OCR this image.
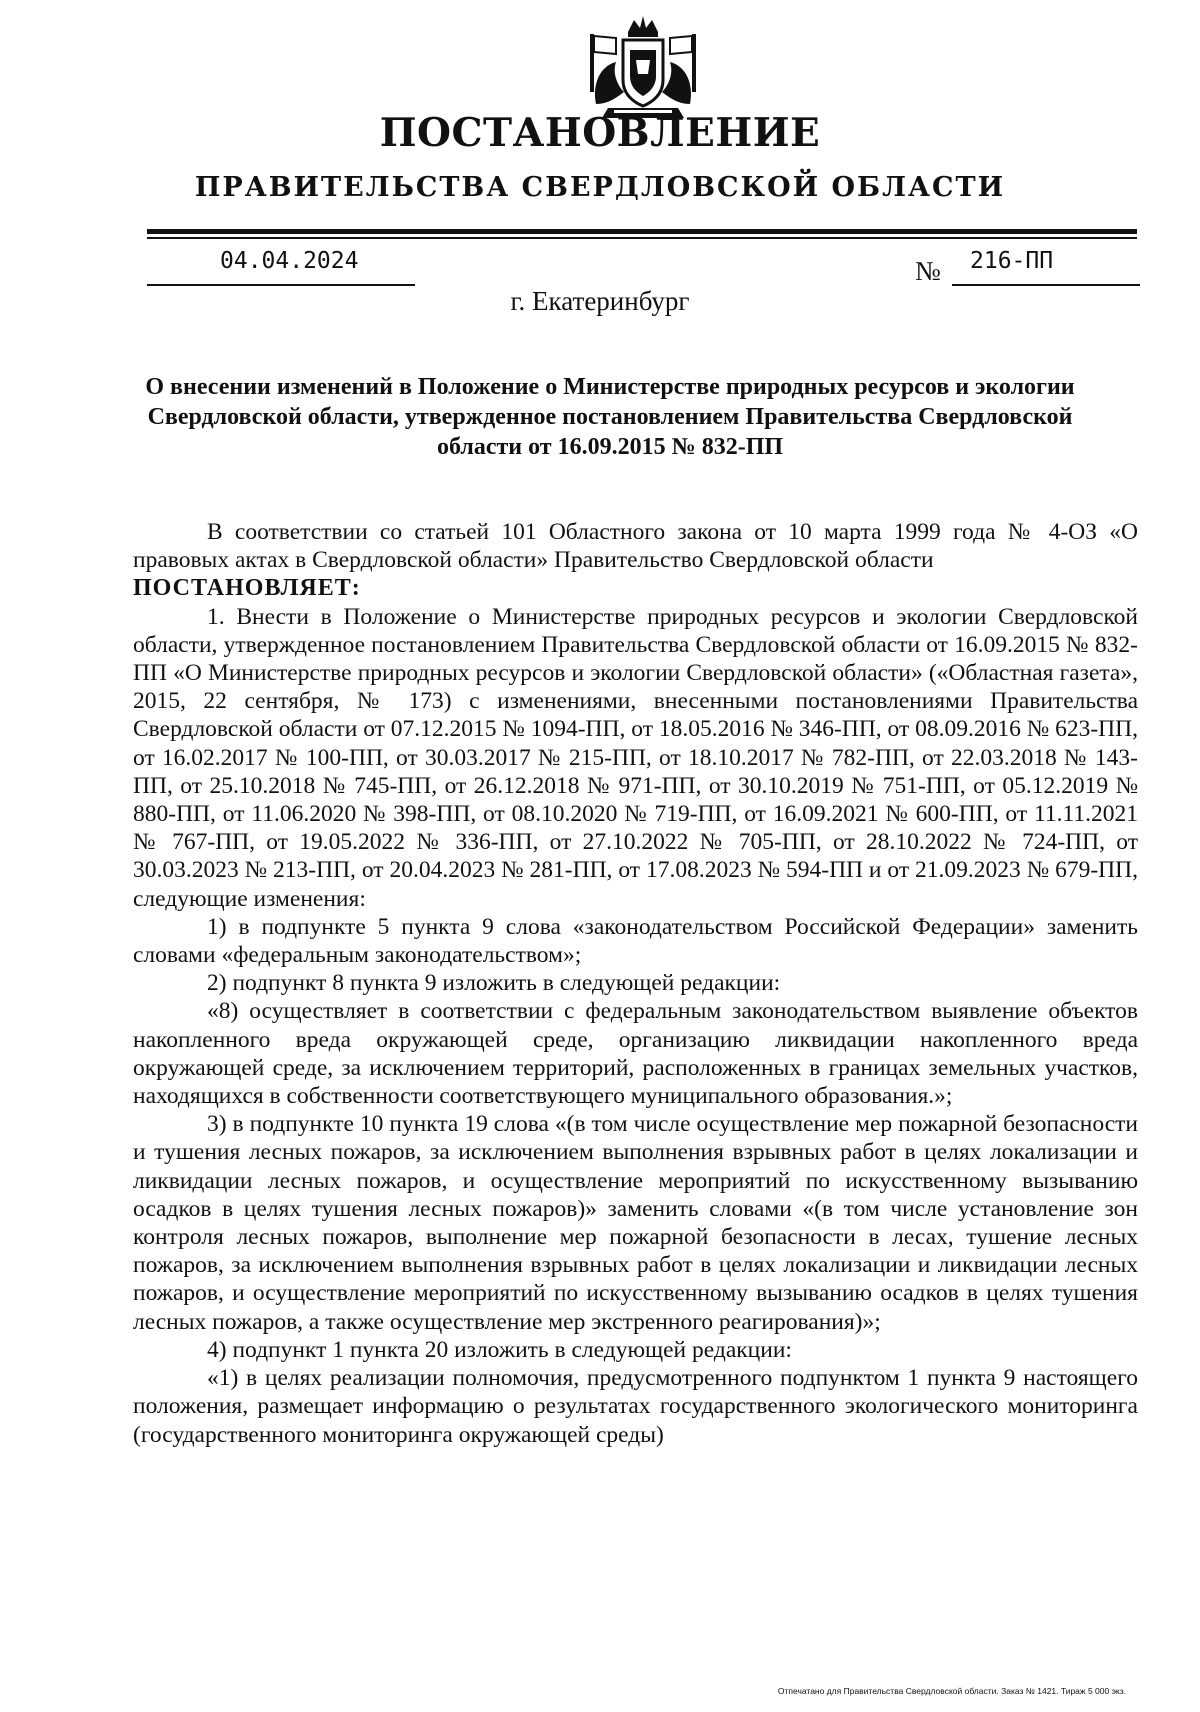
ПОСТАНОВЛЕНИЕ
ПРАВИТЕЛЬСТВА СВЕРДЛОВСКОЙ ОБЛАСТИ
04.04.2024	№ 216-ПП
г. Екатеринбург
О внесении изменений в Положение о Министерстве природных ресурсов и экологии Свердловской области, утвержденное постановлением Правительства Свердловской области от 16.09.2015 № 832-ПП

В соответствии со статьей 101 Областного закона от 10 марта 1999 года № 4-ОЗ «О правовых актах в Свердловской области» Правительство Свердловской области

ПОСТАНОВЛЯЕТ:

1. Внести в Положение о Министерстве природных ресурсов и экологии Свердловской области, утвержденное постановлением Правительства Свердловской области от 16.09.2015 № 832-ПП «О Министерстве природных ресурсов и экологии Свердловской области» («Областная газета», 2015, 22 сентября, № 173) с изменениями, внесенными постановлениями Правительства Свердловской области от 07.12.2015 № 1094-ПП, от 18.05.2016 № 346-ПП, от 08.09.2016 № 623-ПП, от 16.02.2017 № 100-ПП, от 30.03.2017 № 215-ПП, от 18.10.2017 № 782-ПП, от 22.03.2018 № 143-ПП, от 25.10.2018 № 745-ПП, от 26.12.2018 № 971-ПП, от 30.10.2019 № 751-ПП, от 05.12.2019 № 880-ПП, от 11.06.2020 № 398-ПП, от 08.10.2020 № 719-ПП, от 16.09.2021 № 600-ПП, от 11.11.2021 № 767-ПП, от 19.05.2022 № 336-ПП, от 27.10.2022 № 705-ПП, от 28.10.2022 № 724-ПП, от 30.03.2023 № 213-ПП, от 20.04.2023 № 281-ПП, от 17.08.2023 № 594-ПП и от 21.09.2023 № 679-ПП, следующие изменения:

1) в подпункте 5 пункта 9 слова «законодательством Российской Федерации» заменить словами «федеральным законодательством»;

2) подпункт 8 пункта 9 изложить в следующей редакции:

«8) осуществляет в соответствии с федеральным законодательством выявление объектов накопленного вреда окружающей среде, организацию ликвидации накопленного вреда окружающей среде, за исключением территорий, расположенных в границах земельных участков, находящихся в собственности соответствующего муниципального образования.»;

3) в подпункте 10 пункта 19 слова «(в том числе осуществление мер пожарной безопасности и тушения лесных пожаров, за исключением выполнения взрывных работ в целях локализации и ликвидации лесных пожаров, и осуществление мероприятий по искусственному вызыванию осадков в целях тушения лесных пожаров)» заменить словами «(в том числе установление зон контроля лесных пожаров, выполнение мер пожарной безопасности в лесах, тушение лесных пожаров, за исключением выполнения взрывных работ в целях локализации и ликвидации лесных пожаров, и осуществление мероприятий по искусственному вызыванию осадков в целях тушения лесных пожаров, а также осуществление мер экстренного реагирования)»;

4) подпункт 1 пункта 20 изложить в следующей редакции:

«1) в целях реализации полномочия, предусмотренного подпунктом 1 пункта 9 настоящего положения, размещает информацию о результатах государственного экологического мониторинга (государственного мониторинга окружающей среды)

Отпечатано для Правительства Свердловской области. Заказ № 1421. Тираж 5 000 экз.
